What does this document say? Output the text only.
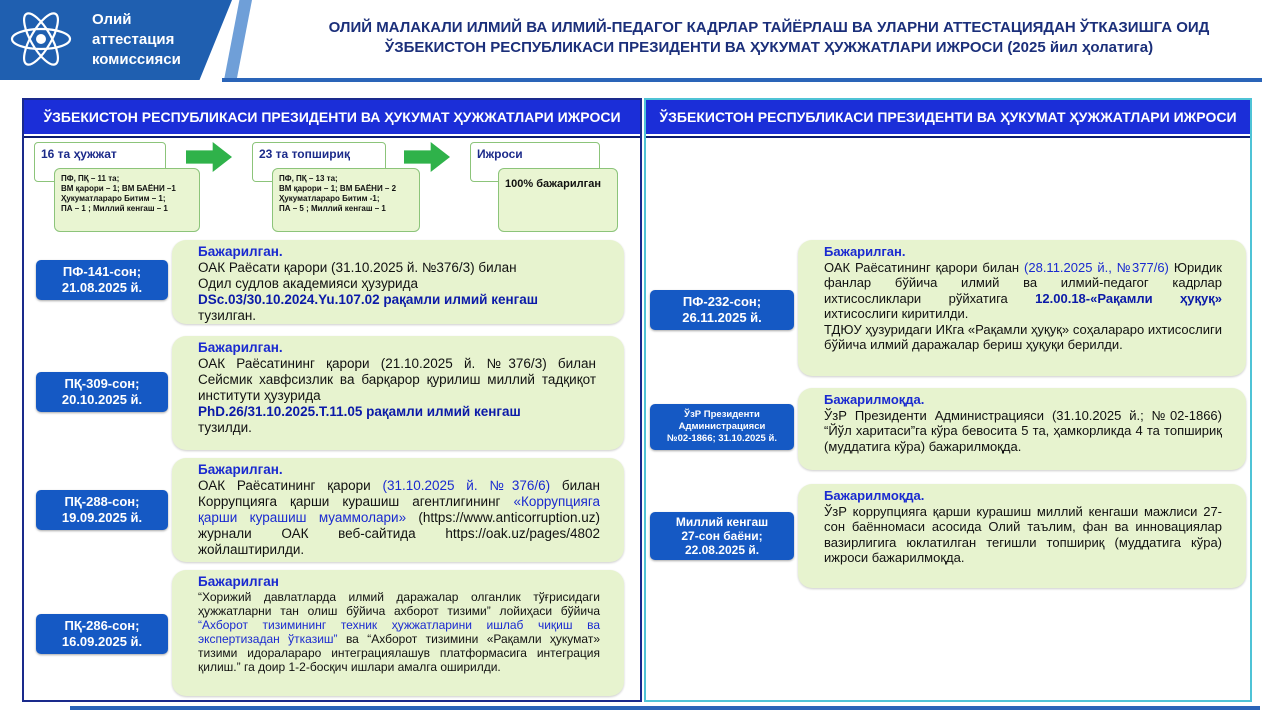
Олий
аттестация
комиссияси
ОЛИЙ МАЛАКАЛИ ИЛМИЙ ВА ИЛМИЙ-ПЕДАГОГ КАДРЛАР ТАЙЁРЛАШ ВА УЛАРНИ АТТЕСТАЦИЯДАН ЎТКАЗИШГА ОИД
ЎЗБЕКИСТОН РЕСПУБЛИКАСИ ПРЕЗИДЕНТИ ВА ҲУКУМАТ ҲУЖЖАТЛАРИ ИЖРОСИ (2025 йил ҳолатига)
ЎЗБЕКИСТОН РЕСПУБЛИКАСИ ПРЕЗИДЕНТИ ВА ҲУКУМАТ ҲУЖЖАТЛАРИ ИЖРОСИ
16 та ҳужжат
ПФ, ПҚ – 11 та;
ВМ қарори – 1; ВМ БАЁНИ –1
Ҳукуматлараро Битим – 1;
ПА – 1 ; Миллий кенгаш – 1
23 та топшириқ
ПФ, ПҚ – 13 та;
ВМ қарори – 1; ВМ БАЁНИ – 2
Ҳукуматлараро Битим -1;
ПА – 5 ; Миллий кенгаш – 1
Ижроси
100% бажарилган
ПФ-141-сон;
21.08.2025 й.
Бажарилган.
ОАК Раёсати қарори (31.10.2025 й. №376/3) билан
Одил судлов академияси ҳузурида
DSc.03/30.10.2024.Yu.107.02 рақамли илмий кенгаш
тузилган.
ПҚ-309-сон;
20.10.2025 й.
Бажарилган.
ОАК Раёсатининг қарори (21.10.2025 й. №376/3) билан Сейсмик хавфсизлик ва барқарор қурилиш миллий тадқиқот институти ҳузурида
PhD.26/31.10.2025.T.11.05 рақамли илмий кенгаш
тузилди.
ПҚ-288-сон;
19.09.2025 й.
Бажарилган.
ОАК Раёсатининг қарори (31.10.2025 й. №376/6) билан Коррупцияга қарши курашиш агентлигининг «Коррупцияга қарши курашиш муаммолари» (https://www.anticorruption.uz) журнали ОАК веб-сайтида https://oak.uz/pages/4802 жойлаштирилди.
ПҚ-286-сон;
16.09.2025 й.
Бажарилган
“Хорижий давлатларда илмий даражалар олганлик тўғрисидаги ҳужжатларни тан олиш бўйича ахборот тизими” лойиҳаси бўйича “Ахборот тизимининг техник ҳужжатларини ишлаб чиқиш ва экспертизадан ўтказиш” ва “Ахборот тизимини «Рақамли ҳукумат» тизими идоралараро интеграциялашув платформасига интеграция қилиш.” га доир 1-2-босқич ишлари амалга оширилди.
ЎЗБЕКИСТОН РЕСПУБЛИКАСИ ПРЕЗИДЕНТИ ВА ҲУКУМАТ ҲУЖЖАТЛАРИ ИЖРОСИ
ПФ-232-сон;
26.11.2025 й.
Бажарилган.
ОАК Раёсатининг қарори билан (28.11.2025 й., №377/6) Юридик фанлар бўйича илмий ва илмий-педагог кадрлар ихтисосликлари рўйхатига 12.00.18-«Рақамли ҳуқуқ» ихтисослиги киритилди.
ТДЮУ ҳузуридаги ИКга «Рақамли ҳуқуқ» соҳалараро ихтисослиги бўйича илмий даражалар бериш ҳуқуқи берилди.
ЎзР Президенти
Администрацияси
№02-1866; 31.10.2025 й.
Бажарилмоқда.
ЎзР Президенти Администрацияси (31.10.2025 й.; №02-1866) “Йўл харитаси”га кўра бевосита 5 та, ҳамкорликда 4 та топшириқ (муддатига кўра) бажарилмоқда.
Миллий кенгаш
27-сон баёни;
22.08.2025 й.
Бажарилмоқда.
ЎзР коррупцияга қарши курашиш миллий кенгаши мажлиси 27-сон баённомаси асосида Олий таълим, фан ва инновациялар вазирлигига юклатилган тегишли топшириқ (муддатига кўра) ижроси бажарилмоқда.
